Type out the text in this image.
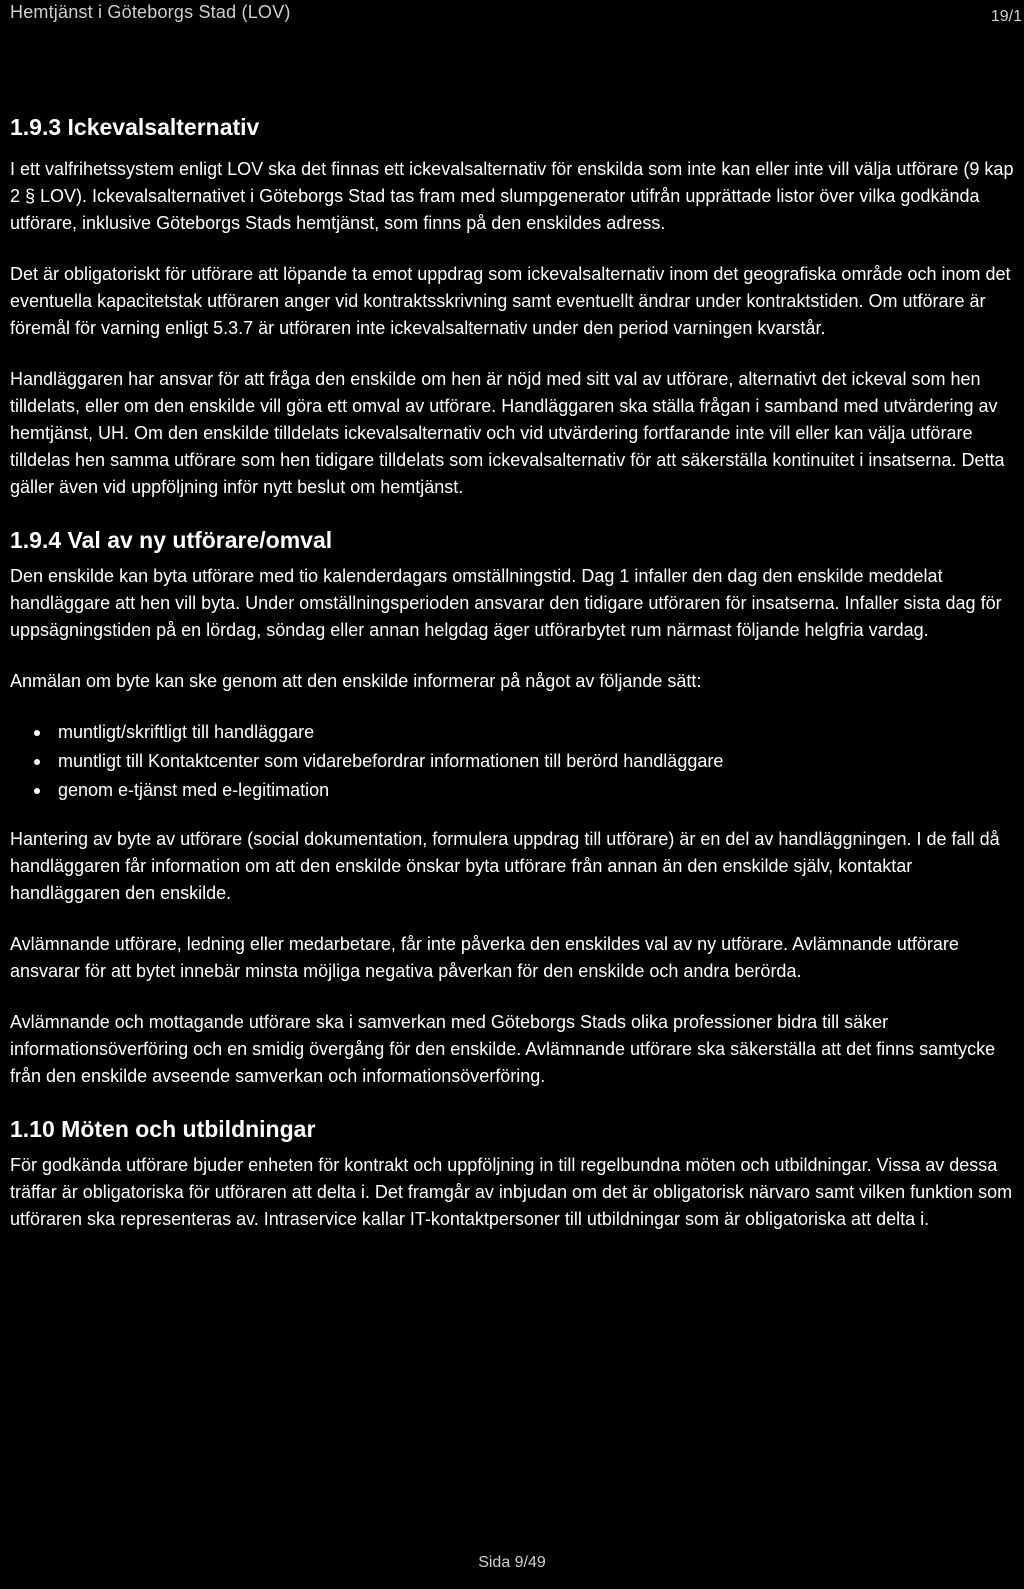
Hemtjänst i Göteborgs Stad (LOV)	19/1
1.9.3 Ickevalsalternativ

I ett valfrihetssystem enligt LOV ska det finnas ett ickevalsalternativ för enskilda som inte kan eller inte vill välja utförare (9 kap 2 § LOV). Ickevalsalternativet i Göteborgs Stad tas fram med slumpgenerator utifrån upprättade listor över vilka godkända utförare, inklusive Göteborgs Stads hemtjänst, som finns på den enskildes adress.

Det är obligatoriskt för utförare att löpande ta emot uppdrag som ickevalsalternativ inom det geografiska område och inom det eventuella kapacitetstak utföraren anger vid kontraktsskrivning samt eventuellt ändrar under kontraktstiden. Om utförare är föremål för varning enligt 5.3.7 är utföraren inte ickevalsalternativ under den period varningen kvarstår.

Handläggaren har ansvar för att fråga den enskilde om hen är nöjd med sitt val av utförare, alternativt det ickeval som hen tilldelats, eller om den enskilde vill göra ett omval av utförare. Handläggaren ska ställa frågan i samband med utvärdering av hemtjänst, UH. Om den enskilde tilldelats ickevalsalternativ och vid utvärdering fortfarande inte vill eller kan välja utförare tilldelas hen samma utförare som hen tidigare tilldelats som ickevalsalternativ för att säkerställa kontinuitet i insatserna. Detta gäller även vid uppföljning inför nytt beslut om hemtjänst.

1.9.4 Val av ny utförare/omval

Den enskilde kan byta utförare med tio kalenderdagars omställningstid. Dag 1 infaller den dag den enskilde meddelat handläggare att hen vill byta. Under omställningsperioden ansvarar den tidigare utföraren för insatserna. Infaller sista dag för uppsägningstiden på en lördag, söndag eller annan helgdag äger utförarbytet rum närmast följande helgfria vardag.

Anmälan om byte kan ske genom att den enskilde informerar på något av följande sätt:

muntligt/skriftligt till handläggare
muntligt till Kontaktcenter som vidarebefordrar informationen till berörd handläggare
genom e-tjänst med e-legitimation

Hantering av byte av utförare (social dokumentation, formulera uppdrag till utförare) är en del av handläggningen. I de fall då handläggaren får information om att den enskilde önskar byta utförare från annan än den enskilde själv, kontaktar handläggaren den enskilde.

Avlämnande utförare, ledning eller medarbetare, får inte påverka den enskildes val av ny utförare. Avlämnande utförare ansvarar för att bytet innebär minsta möjliga negativa påverkan för den enskilde och andra berörda.

Avlämnande och mottagande utförare ska i samverkan med Göteborgs Stads olika professioner bidra till säker informationsöverföring och en smidig övergång för den enskilde. Avlämnande utförare ska säkerställa att det finns samtycke från den enskilde avseende samverkan och informationsöverföring.

1.10 Möten och utbildningar

För godkända utförare bjuder enheten för kontrakt och uppföljning in till regelbundna möten och utbildningar. Vissa av dessa träffar är obligatoriska för utföraren att delta i. Det framgår av inbjudan om det är obligatorisk närvaro samt vilken funktion som utföraren ska representeras av. Intraservice kallar IT-kontaktpersoner till utbildningar som är obligatoriska att delta i.

Sida 9/49
